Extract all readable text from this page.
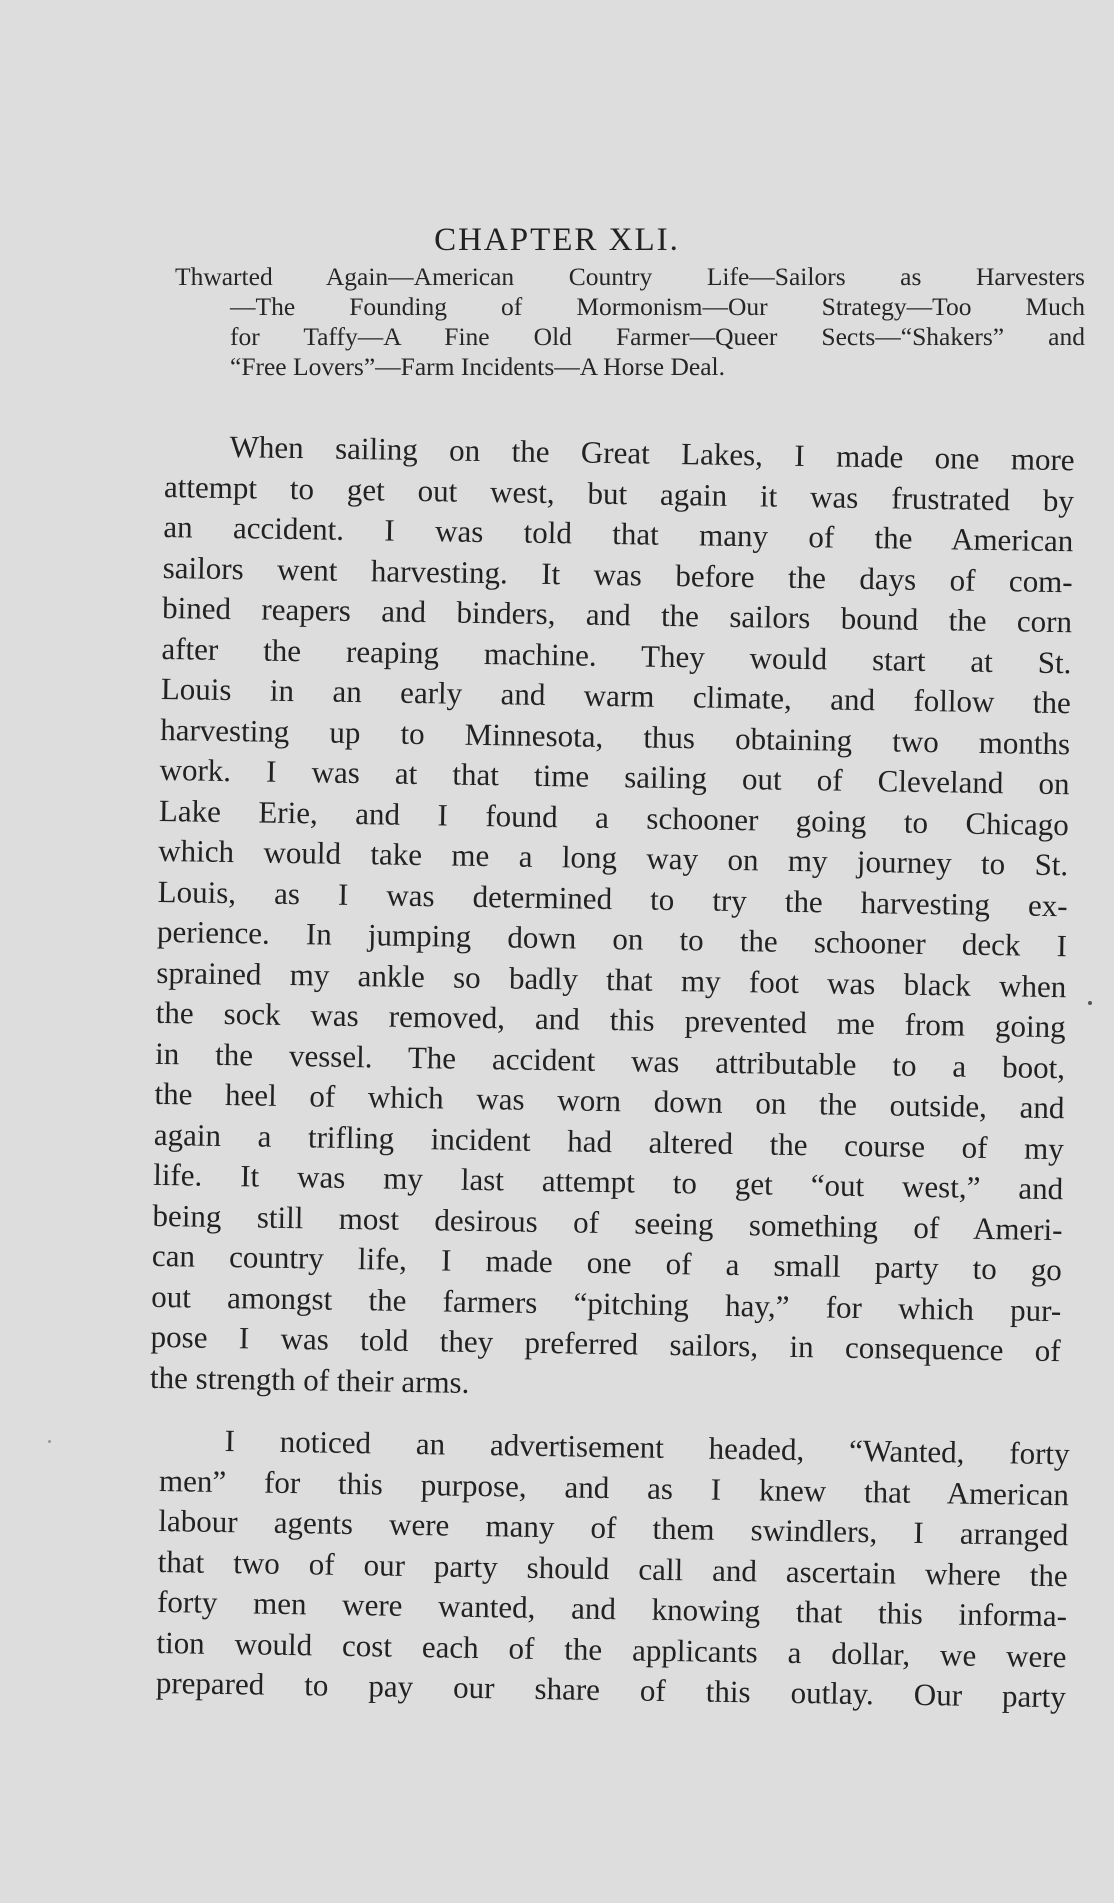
CHAPTER XLI.
Thwarted Again—American Country Life—Sailors as Harvesters
—The Founding of Mormonism—Our Strategy—Too Much
for Taffy—A Fine Old Farmer—Queer Sects—“Shakers” and
“Free Lovers”—Farm Incidents—A Horse Deal.
When sailing on the Great Lakes, I made one more
attempt to get out west, but again it was frustrated by
an accident. I was told that many of the American
sailors went harvesting. It was before the days of com-
bined reapers and binders, and the sailors bound the corn
after the reaping machine. They would start at St.
Louis in an early and warm climate, and follow the
harvesting up to Minnesota, thus obtaining two months
work. I was at that time sailing out of Cleveland on
Lake Erie, and I found a schooner going to Chicago
which would take me a long way on my journey to St.
Louis, as I was determined to try the harvesting ex-
perience. In jumping down on to the schooner deck I
sprained my ankle so badly that my foot was black when
the sock was removed, and this prevented me from going
in the vessel. The accident was attributable to a boot,
the heel of which was worn down on the outside, and
again a trifling incident had altered the course of my
life. It was my last attempt to get “out west,” and
being still most desirous of seeing something of Ameri-
can country life, I made one of a small party to go
out amongst the farmers “pitching hay,” for which pur-
pose I was told they preferred sailors, in consequence of
the strength of their arms.
I noticed an advertisement headed, “Wanted, forty
men” for this purpose, and as I knew that American
labour agents were many of them swindlers, I arranged
that two of our party should call and ascertain where the
forty men were wanted, and knowing that this informa-
tion would cost each of the applicants a dollar, we were
prepared to pay our share of this outlay. Our party
